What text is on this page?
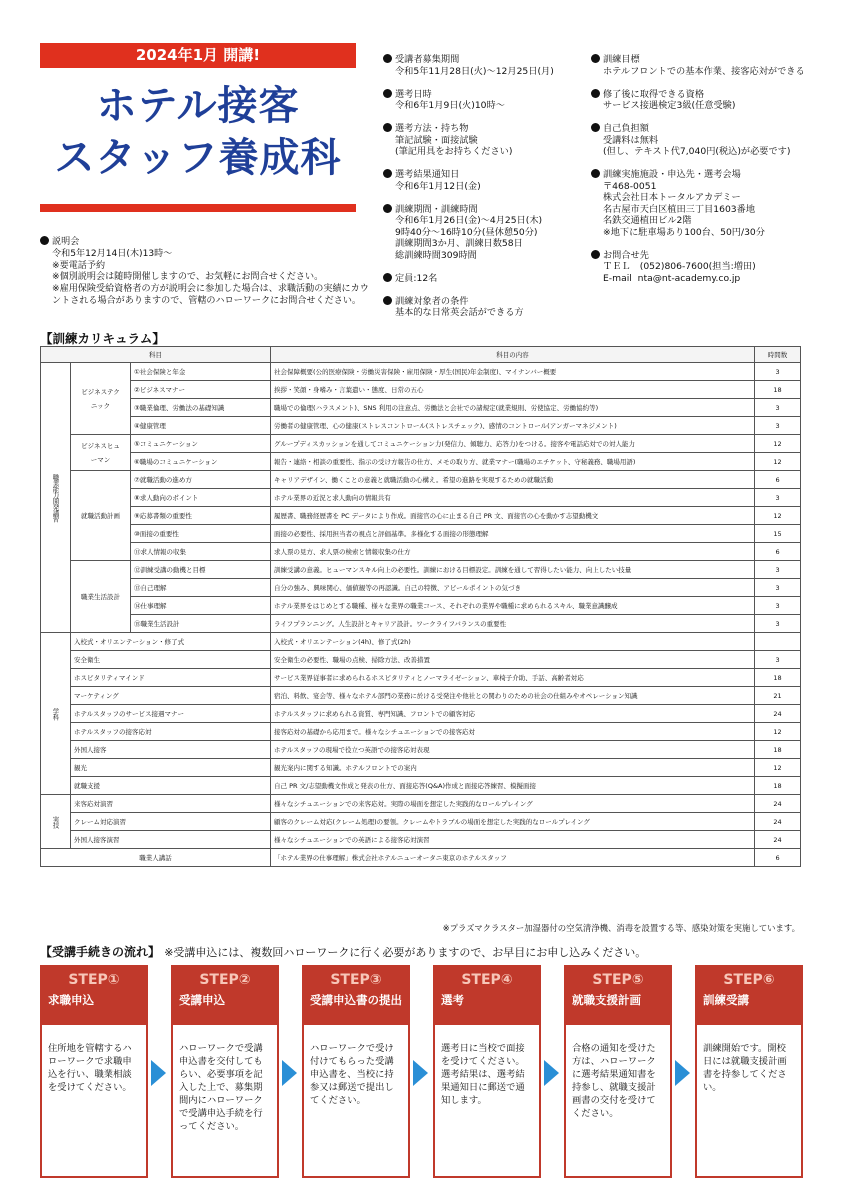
2024年1月 開講!
ホテル接客
スタッフ養成科
受講者募集期間
令和5年11月28日(火)～12月25日(月)
選考日時
令和6年1月9日(火)10時～
選考方法・持ち物
筆記試験・面接試験
(筆記用具をお持ちください)
選考結果通知日
令和6年1月12日(金)
訓練期間・訓練時間
令和6年1月26日(金)～4月25日(木)
9時40分～16時10分(昼休憩50分)
訓練期間3か月、訓練日数58日
総訓練時間309時間
定員:12名
訓練対象者の条件
基本的な日常英会話ができる方
訓練目標
ホテルフロントでの基本作業、接客応対ができる
修了後に取得できる資格
サービス接遇検定3級(任意受験)
自己負担額
受講料は無料
(但し、テキスト代7,040円(税込)が必要です)
訓練実施施設・申込先・選考会場
〒468-0051
株式会社日本トータルアカデミー
名古屋市天白区植田三丁目1603番地
名鉄交通植田ビル2階
※地下に駐車場あり100台、50円/30分
お問合せ先
ＴＥＬ　(052)806-7600(担当:増田)
E-mail  nta@nt-academy.co.jp
説明会
令和5年12月14日(木)13時～
※要電話予約
※個別説明会は随時開催しますので、お気軽にお問合せください。
※雇用保険受給資格者の方が説明会に参加した場合は、求職活動の実績にカウントされる場合がありますので、管轄のハローワークにお問合せください。
【訓練カリキュラム】
科目			科目の内容	時間数
職業能力開発講習	ビジネステクニック	①社会保険と年金	社会保障概要(公的医療保険・労働災害保険・雇用保険・厚生(国民)年金制度)、マイナンバー概要	3
		②ビジネスマナー	挨拶・笑顔・身嗜み・言葉遣い・態度、日常の五心	18
		③職業倫理、労働法の基礎知識	職場での倫理(ハラスメント)、SNS 利用の注意点、労働法と会社での諸規定(就業規則、労使協定、労働協約等)	3
		④健康管理	労働者の健康管理、心の健康(ストレスコントロール(ストレスチェック)、感情のコントロール(アンガーマネジメント)	3
	ビジネスヒューマン	⑤コミュニケーション	グループディスカッションを通してコミュニケーション力(発信力、傾聴力、応答力)をつける。接客や電話応対での対人能力	12
		⑥職場のコミュニケーション	報告・連絡・相談の重要性、指示の受け方報告の仕方、メモの取り方、就業マナー(職場のエチケット、守秘義務、職場用語)	12
	就職活動計画	⑦就職活動の進め方	キャリアデザイン、働くことの意義と就職活動の心構え。希望の進路を実現するための就職活動	6
		⑧求人動向のポイント	ホテル業界の近況と求人動向の情報共有	3
		⑨応募書類の重要性	履歴書、職務経歴書を PC データにより作成。面接官の心に止まる自己 PR 文、面接官の心を動かす志望動機文	12
		⑩面接の重要性	面接の必要性、採用担当者の視点と評価基準。多様化する面接の形態理解	15
		⑪求人情報の収集	求人票の見方、求人票の検索と情報収集の仕方	6
	職業生活設計	⑫訓練受講の動機と目標	訓練受講の意義。ヒューマンスキル向上の必要性。訓練における目標設定。訓練を通して習得したい能力、向上したい技量	3
		⑬自己理解	自分の強み、興味関心、価値観等の再認識。自己の特徴、アピールポイントの気づき	3
		⑭仕事理解	ホテル業界をはじめとする職種、様々な業界の職業コース、それぞれの業界や職種に求められるスキル、職業意識醸成	3
		⑮職業生活設計	ライフプランニング。人生設計とキャリア設計。ワークライフバランスの重要性	3
学科	入校式・オリエンテーション・修了式		入校式・オリエンテーション(4h)、修了式(2h)	
	安全衛生		安全衛生の必要性、職場の点検、掃除方法、改善措置	3
	ホスピタリティマインド		サービス業界従事者に求められるホスピタリティとノーマライゼーション、車椅子介助、手話、高齢者対応	18
	マーケティング		宿泊、料飲、宴会等、様々なホテル部門の業務に於ける受発注や他社との関わりのための社会の仕組みやオペレーション知識	21
	ホテルスタッフのサービス接遇マナー		ホテルスタッフに求められる資質、専門知識、フロントでの顧客対応	24
	ホテルスタッフの接客応対		接客応対の基礎から応用まで。様々なシチュエーションでの接客応対	12
	外国人接客		ホテルスタッフの現場で役立つ英語での接客応対表現	18
	観光		観光案内に関する知識。ホテルフロントでの案内	12
	就職支援		自己 PR 文/志望動機文作成と発表の仕方、面接応答(Q&A)作成と面接応答練習、模擬面接	18
実技	来客応対演習		様々なシチュエーションでの来客応対。実際の場面を想定した実践的なロールプレイング	24
	クレーム対応演習		顧客のクレーム対応(クレーム処理)の要領。クレームやトラブルの場面を想定した実践的なロールプレイング	24
	外国人接客演習		様々なシチュエーションでの英語による接客応対演習	24
職業人講話			「ホテル業界の仕事理解」株式会社ホテルニューオータニ東京のホテルスタッフ	6
※プラズマクラスター加湿器付の空気清浄機、消毒を設置する等、感染対策を実施しています。
【受講手続きの流れ】 ※受講申込には、複数回ハローワークに行く必要がありますので、お早目にお申し込みください。
STEP①
求職申込
住所地を管轄するハローワークで求職申込を行い、職業相談を受けてください。
STEP②
受講申込
ハローワークで受講申込書を交付してもらい、必要事項を記入した上で、募集期間内にハローワークで受講申込手続を行ってください。
STEP③
受講申込書の提出
ハローワークで受け付けてもらった受講申込書を、当校に持参又は郵送で提出してください。
STEP④
選考
選考日に当校で面接を受けてください。選考結果は、選考結果通知日に郵送で通知します。
STEP⑤
就職支援計画
合格の通知を受けた方は、ハローワークに選考結果通知書を持参し、就職支援計画書の交付を受けてください。
STEP⑥
訓練受講
訓練開始です。開校日には就職支援計画書を持参してください。
